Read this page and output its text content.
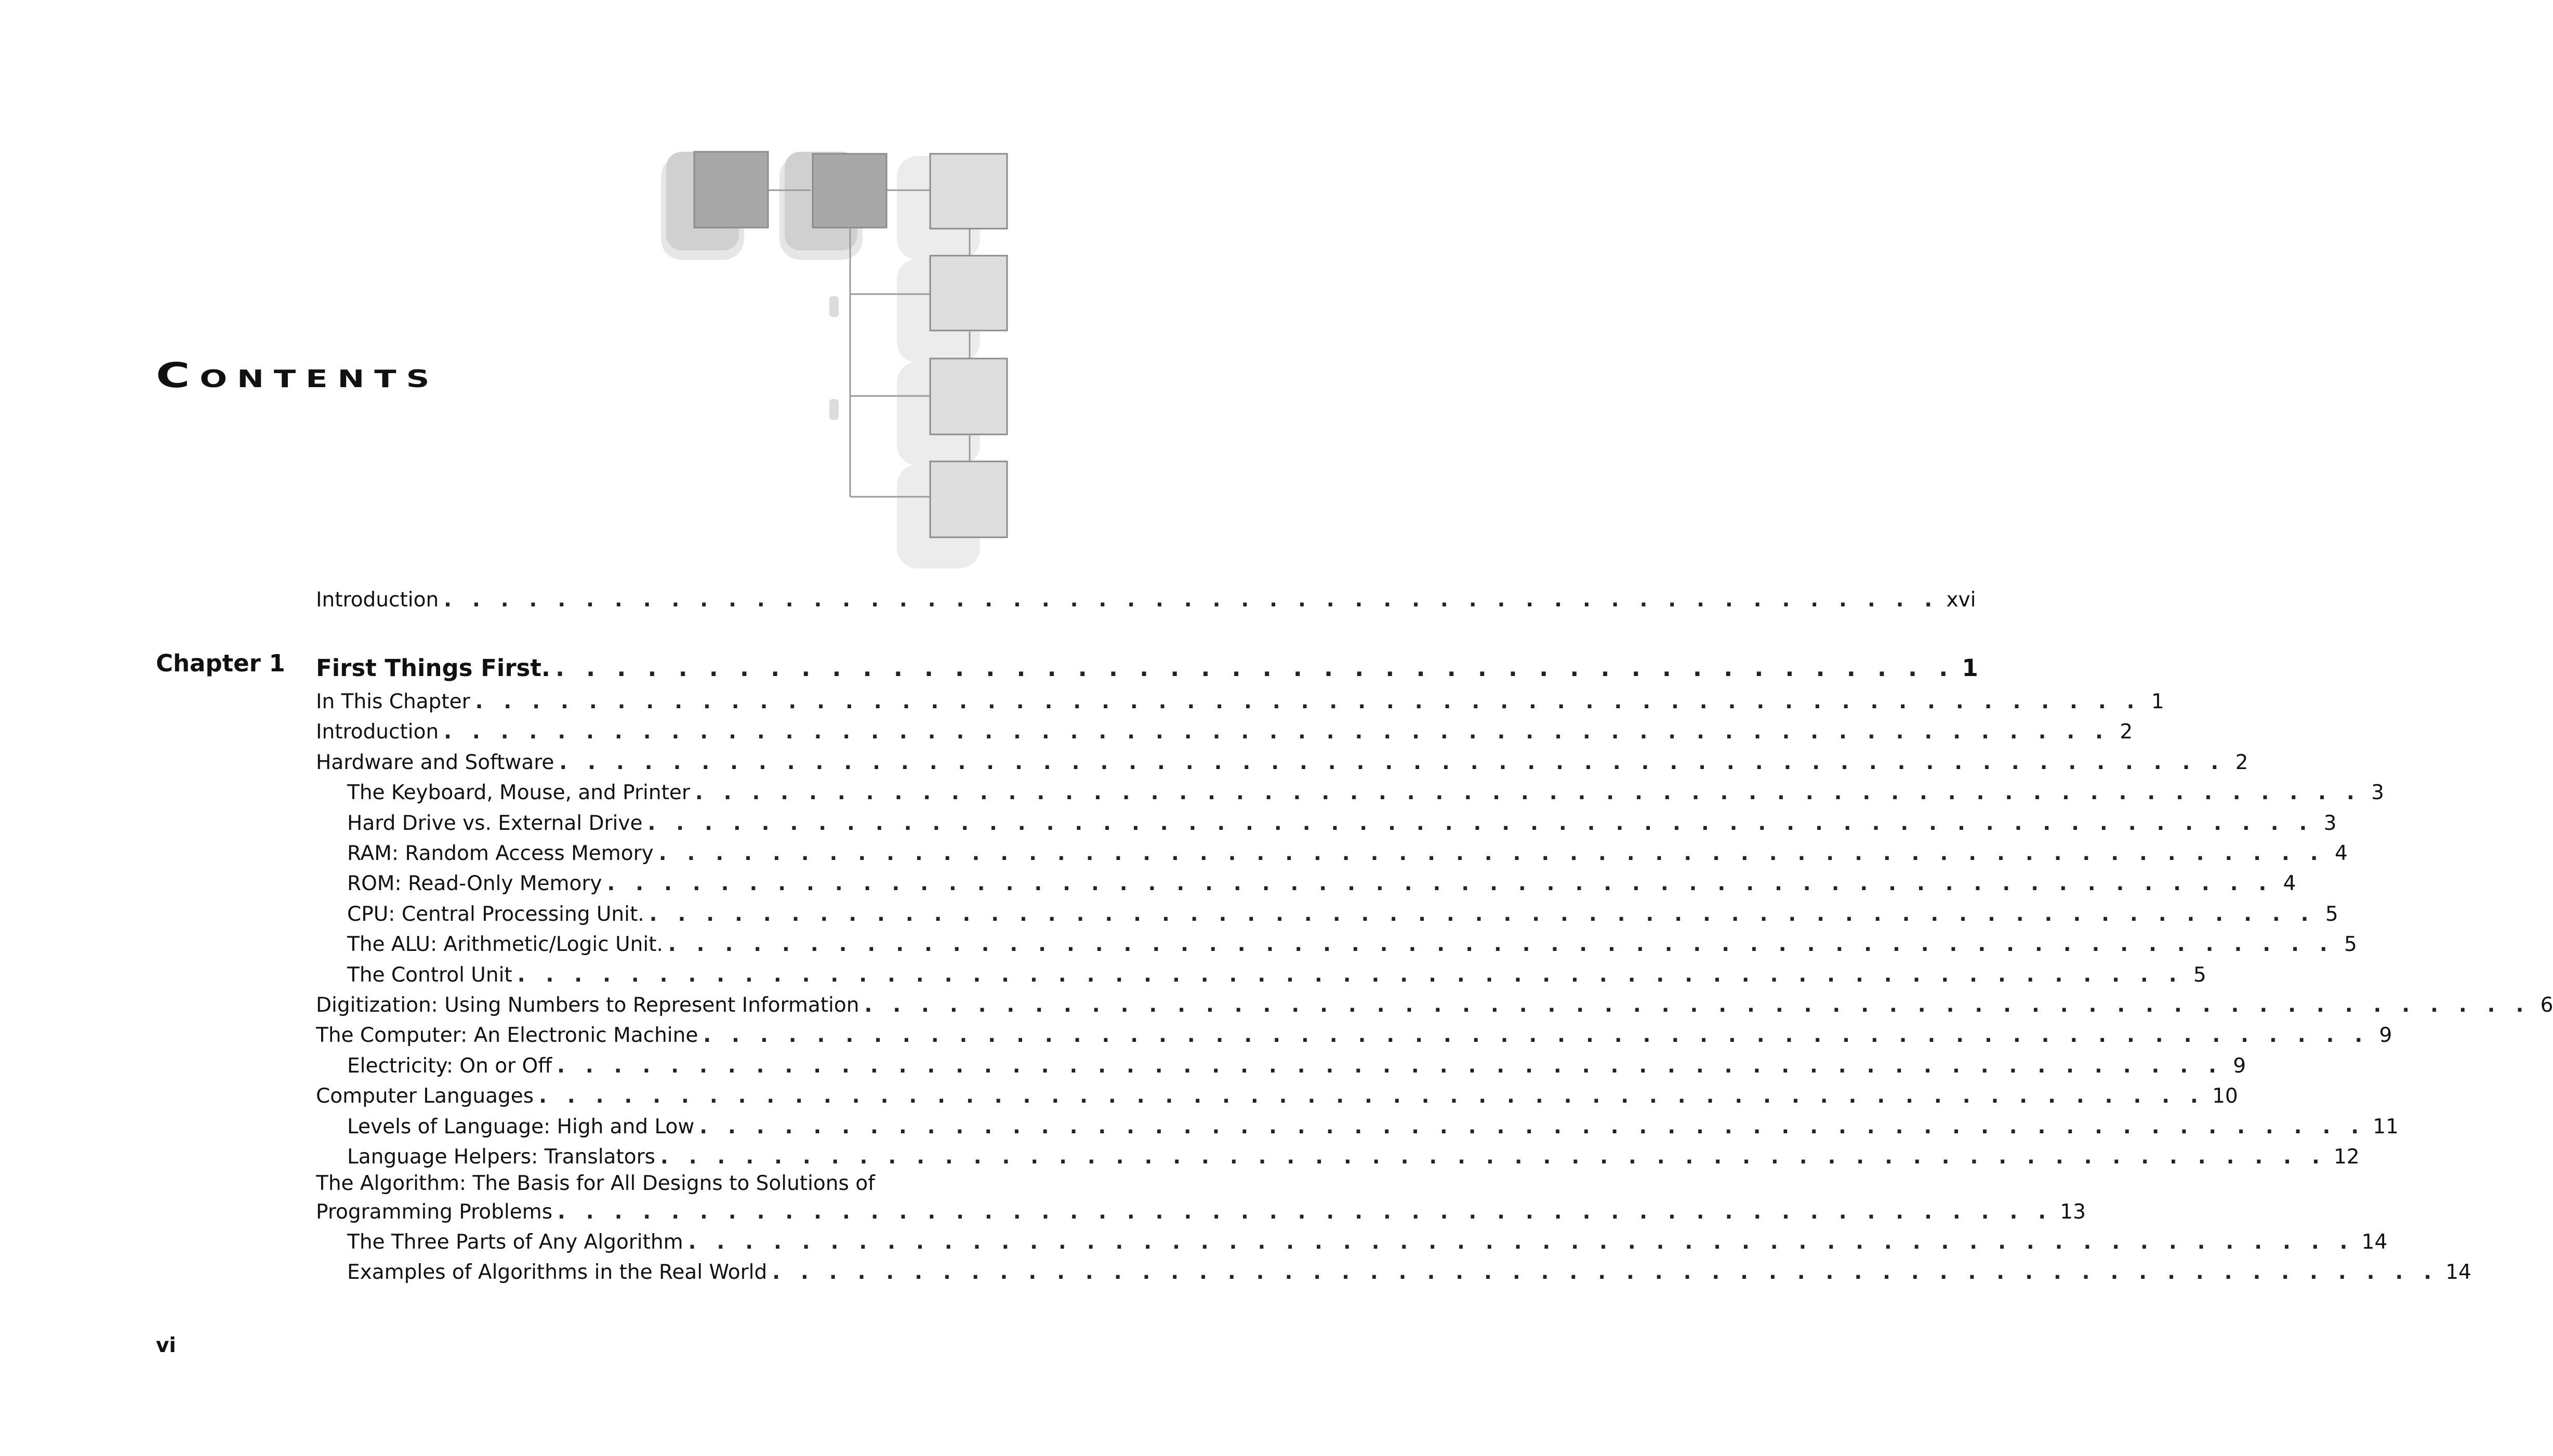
Contents
Introduction . . . . . . . . . . . . . . . . . . . . . . . . . . . . . . . . . . . . . . . . . . . . . . . . . . . . . xvi
Chapter 1 First Things First. . . . . . . . . . . . . . . . . . . . . . . . . . . . . . . . . . . . . . . . . . . . . . . 1
In This Chapter . . . . . . . . . . . . . . . . . . . . . . . . . . . . . . . . . . . . . . . . . . . . . . . . . . . . . . . . . . . 1
Introduction . . . . . . . . . . . . . . . . . . . . . . . . . . . . . . . . . . . . . . . . . . . . . . . . . . . . . . . . . . . 2
Hardware and Software . . . . . . . . . . . . . . . . . . . . . . . . . . . . . . . . . . . . . . . . . . . . . . . . . . . . . . . . . . . 2
The Keyboard, Mouse, and Printer . . . . . . . . . . . . . . . . . . . . . . . . . . . . . . . . . . . . . . . . . . . . . . . . . . . . . . . . . . . 3
Hard Drive vs. External Drive . . . . . . . . . . . . . . . . . . . . . . . . . . . . . . . . . . . . . . . . . . . . . . . . . . . . . . . . . . . 3
RAM: Random Access Memory . . . . . . . . . . . . . . . . . . . . . . . . . . . . . . . . . . . . . . . . . . . . . . . . . . . . . . . . . . . 4
ROM: Read-Only Memory . . . . . . . . . . . . . . . . . . . . . . . . . . . . . . . . . . . . . . . . . . . . . . . . . . . . . . . . . . . 4
CPU: Central Processing Unit. . . . . . . . . . . . . . . . . . . . . . . . . . . . . . . . . . . . . . . . . . . . . . . . . . . . . . . . . . . . 5
The ALU: Arithmetic/Logic Unit. . . . . . . . . . . . . . . . . . . . . . . . . . . . . . . . . . . . . . . . . . . . . . . . . . . . . . . . . . . . 5
The Control Unit . . . . . . . . . . . . . . . . . . . . . . . . . . . . . . . . . . . . . . . . . . . . . . . . . . . . . . . . . . . 5
Digitization: Using Numbers to Represent Information . . . . . . . . . . . . . . . . . . . . . . . . . . . . . . . . . . . . . . . . . . . . . . . . . . . . . . . . . . . 6
The Computer: An Electronic Machine . . . . . . . . . . . . . . . . . . . . . . . . . . . . . . . . . . . . . . . . . . . . . . . . . . . . . . . . . . . 9
Electricity: On or Off . . . . . . . . . . . . . . . . . . . . . . . . . . . . . . . . . . . . . . . . . . . . . . . . . . . . . . . . . . . 9
Computer Languages . . . . . . . . . . . . . . . . . . . . . . . . . . . . . . . . . . . . . . . . . . . . . . . . . . . . . . . . . . . 10
Levels of Language: High and Low . . . . . . . . . . . . . . . . . . . . . . . . . . . . . . . . . . . . . . . . . . . . . . . . . . . . . . . . . . . 11
Language Helpers: Translators . . . . . . . . . . . . . . . . . . . . . . . . . . . . . . . . . . . . . . . . . . . . . . . . . . . . . . . . . . . 12
The Algorithm: The Basis for All Designs to Solutions of
Programming Problems . . . . . . . . . . . . . . . . . . . . . . . . . . . . . . . . . . . . . . . . . . . . . . . . . . . . . 13
The Three Parts of Any Algorithm . . . . . . . . . . . . . . . . . . . . . . . . . . . . . . . . . . . . . . . . . . . . . . . . . . . . . . . . . . . 14
Examples of Algorithms in the Real World . . . . . . . . . . . . . . . . . . . . . . . . . . . . . . . . . . . . . . . . . . . . . . . . . . . . . . . . . . . 14
vi
